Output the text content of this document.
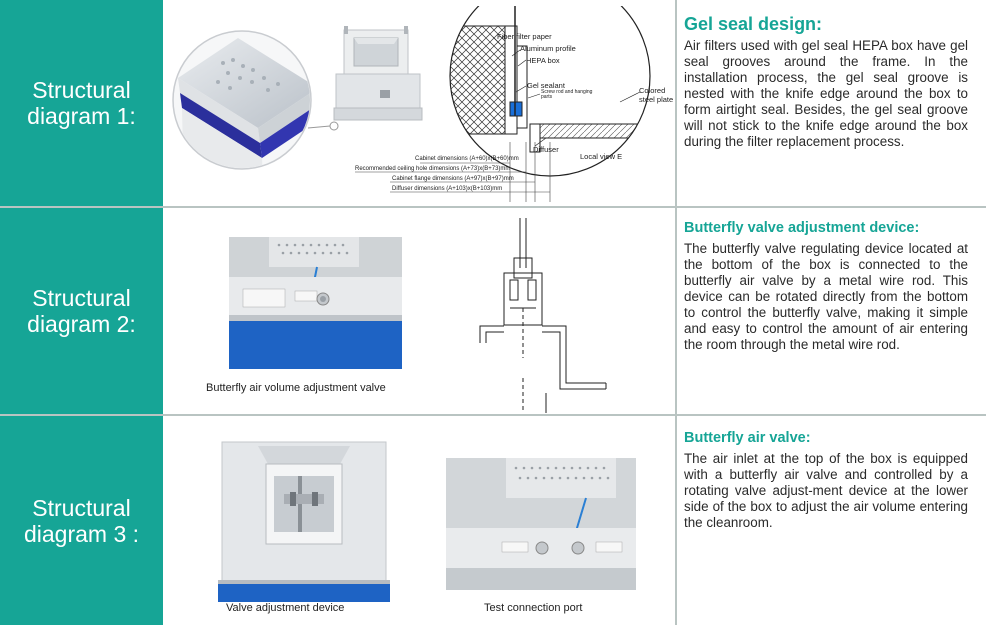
Structural
diagram 1:
Fiber filter paper
Aluminum profile
HEPA box
Gel sealant
Screw rod and hanging parts
Colored
steel plate
Diffuser
Local view E
Cabinet dimensions (A+60)x(B+60)mm
Recommended ceiling hole dimensions (A+73)x(B+73)mm
Cabinet flange dimensions (A+97)x(B+97)mm
Diffuser dimensions (A+103)x(B+103)mm
Gel seal design:
Air filters used with gel seal HEPA box have gel seal grooves around the frame. In the installation process, the gel seal groove is nested with the knife edge around the box to form airtight seal. Besides, the gel seal groove will not stick to the knife edge around the box during the filter replacement process.
Structural
diagram 2:
Butterfly air volume adjustment valve
Butterfly valve adjustment device:
The butterfly valve regulating device located at the bottom of the box is connected to the butterfly air valve by a metal wire rod. This device can be rotated directly from the bottom to control the butterfly valve, making it simple and easy to control the amount of air entering the room through the metal wire rod.
Structural
diagram 3 :
Valve adjustment device	Test connection port
Butterfly air valve:
The air inlet at the top of the box is equipped with a butterfly air valve and controlled by a rotating valve adjust-ment device at the lower side of the box to adjust the air volume entering the cleanroom.
